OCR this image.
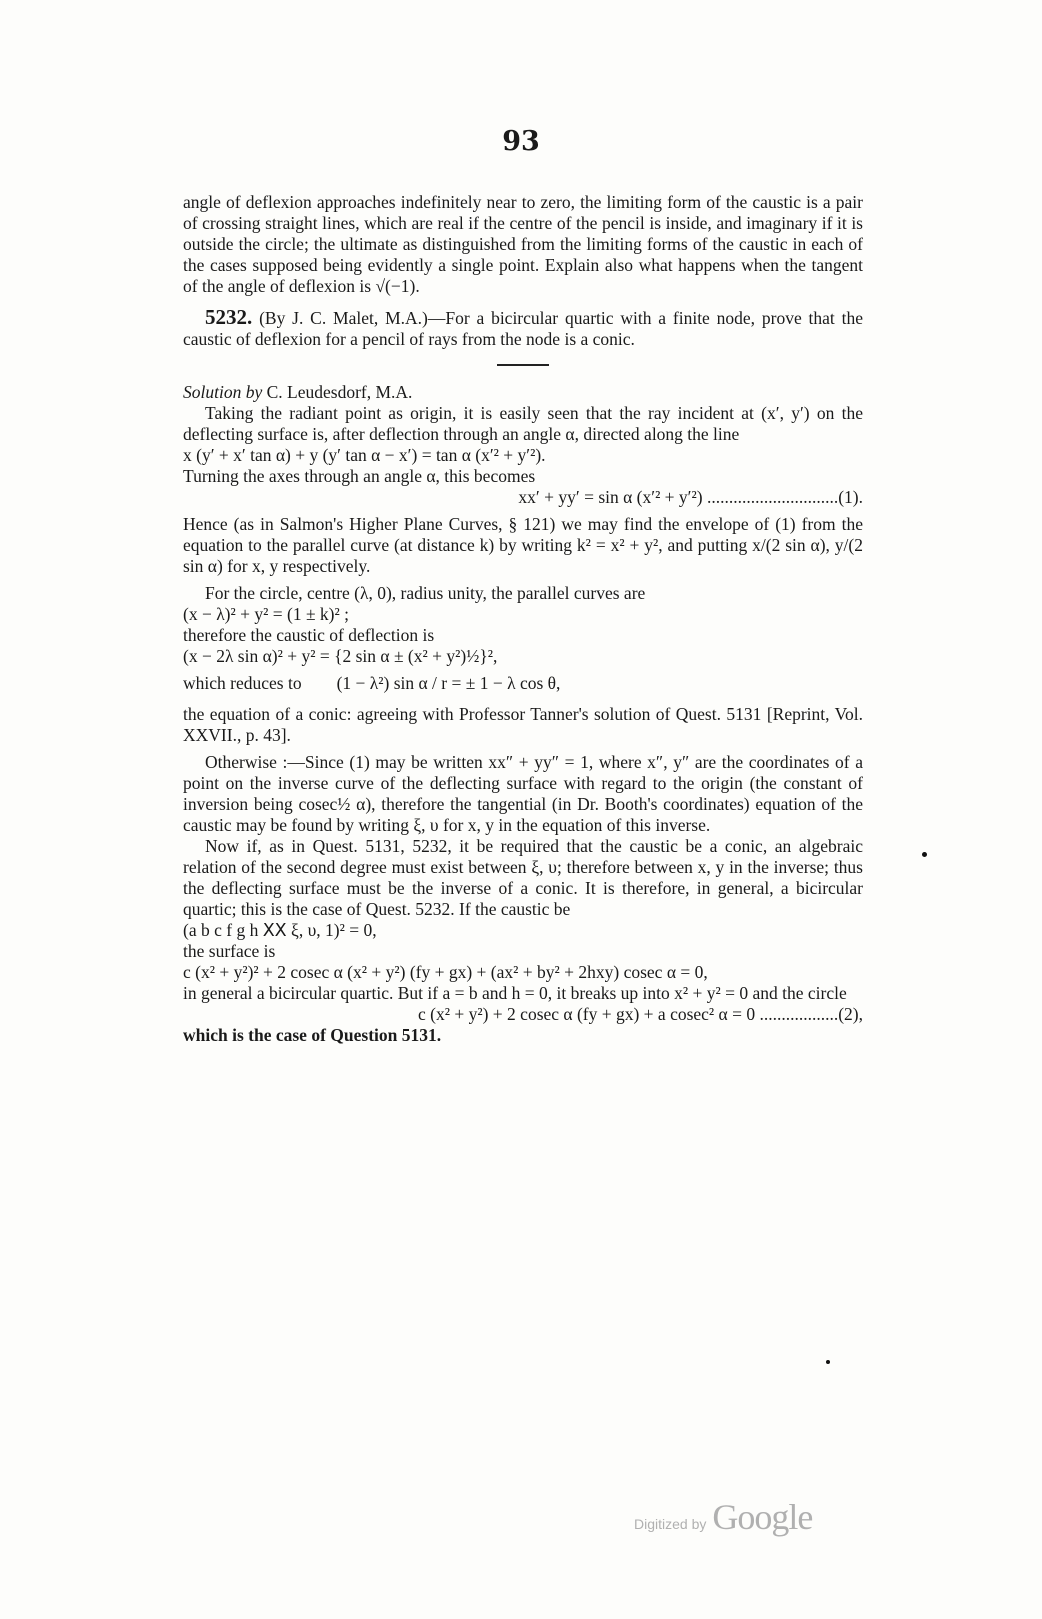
93

angle of deflexion approaches indefinitely near to zero, the limiting form of the caustic is a pair of crossing straight lines, which are real if the centre of the pencil is inside, and imaginary if it is outside the circle; the ultimate as distinguished from the limiting forms of the caustic in each of the cases supposed being evidently a single point. Explain also what happens when the tangent of the angle of deflexion is √(−1).

5232. (By J. C. Malet, M.A.)—For a bicircular quartic with a finite node, prove that the caustic of deflexion for a pencil of rays from the node is a conic.

Solution by C. Leudesdorf, M.A.

Taking the radiant point as origin, it is easily seen that the ray incident at (x′, y′) on the deflecting surface is, after deflection through an angle α, directed along the line

x (y′ + x′ tan α) + y (y′ tan α − x′) = tan α (x′² + y′²).

Turning the axes through an angle α, this becomes

xx′ + yy′ = sin α (x′² + y′²) ..............................(1).

Hence (as in Salmon's Higher Plane Curves, § 121) we may find the envelope of (1) from the equation to the parallel curve (at distance k) by writing k² = x² + y², and putting x/(2 sin α), y/(2 sin α) for x, y respectively.

For the circle, centre (λ, 0), radius unity, the parallel curves are

(x − λ)² + y² = (1 ± k)² ;

therefore the caustic of deflection is

(x − 2λ sin α)² + y² = {2 sin α ± (x² + y²)½}²,

which reduces to (1 − λ²) sin α / r = ± 1 − λ cos θ,

the equation of a conic: agreeing with Professor Tanner's solution of Quest. 5131 [Reprint, Vol. XXVII., p. 43].

Otherwise :—Since (1) may be written xx″ + yy″ = 1, where x″, y″ are the coordinates of a point on the inverse curve of the deflecting surface with regard to the origin (the constant of inversion being cosec½ α), therefore the tangential (in Dr. Booth's coordinates) equation of the caustic may be found by writing ξ, υ for x, y in the equation of this inverse.

Now if, as in Quest. 5131, 5232, it be required that the caustic be a conic, an algebraic relation of the second degree must exist between ξ, υ; therefore between x, y in the inverse; thus the deflecting surface must be the inverse of a conic. It is therefore, in general, a bicircular quartic; this is the case of Quest. 5232. If the caustic be

(a b c f g h ⅩⅩ ξ, υ, 1)² = 0,

the surface is

c (x² + y²)² + 2 cosec α (x² + y²) (fy + gx) + (ax² + by² + 2hxy) cosec α = 0,

in general a bicircular quartic. But if a = b and h = 0, it breaks up into x² + y² = 0 and the circle

c (x² + y²) + 2 cosec α (fy + gx) + a cosec² α = 0 ..................(2),

which is the case of Question 5131.

Digitized by Google
